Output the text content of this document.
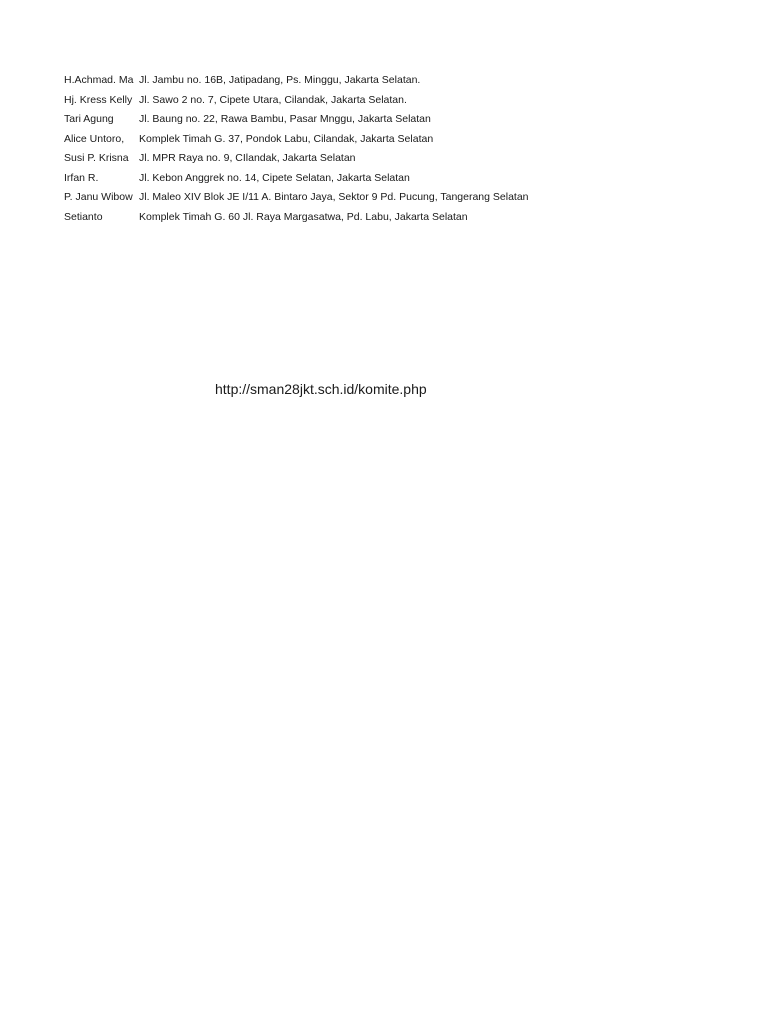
H.Achmad. Ma Jl. Jambu no. 16B, Jatipadang, Ps. Minggu, Jakarta Selatan.
Hj. Kress Kelly Jl. Sawo 2 no. 7, Cipete Utara, Cilandak, Jakarta Selatan.
Tari Agung	Jl. Baung no. 22, Rawa Bambu, Pasar Mnggu, Jakarta Selatan
Alice Untoro,	Komplek Timah G. 37, Pondok Labu, Cilandak, Jakarta Selatan
Susi P. Krisna Jl. MPR Raya no. 9, CIlandak, Jakarta Selatan
Irfan R.	Jl. Kebon Anggrek no. 14, Cipete Selatan, Jakarta Selatan
P. Janu Wibow Jl. Maleo XIV Blok JE I/11 A. Bintaro Jaya, Sektor 9 Pd. Pucung, Tangerang Selatan
Setianto	Komplek Timah G. 60 Jl. Raya Margasatwa, Pd. Labu, Jakarta Selatan
http://sman28jkt.sch.id/komite.php
